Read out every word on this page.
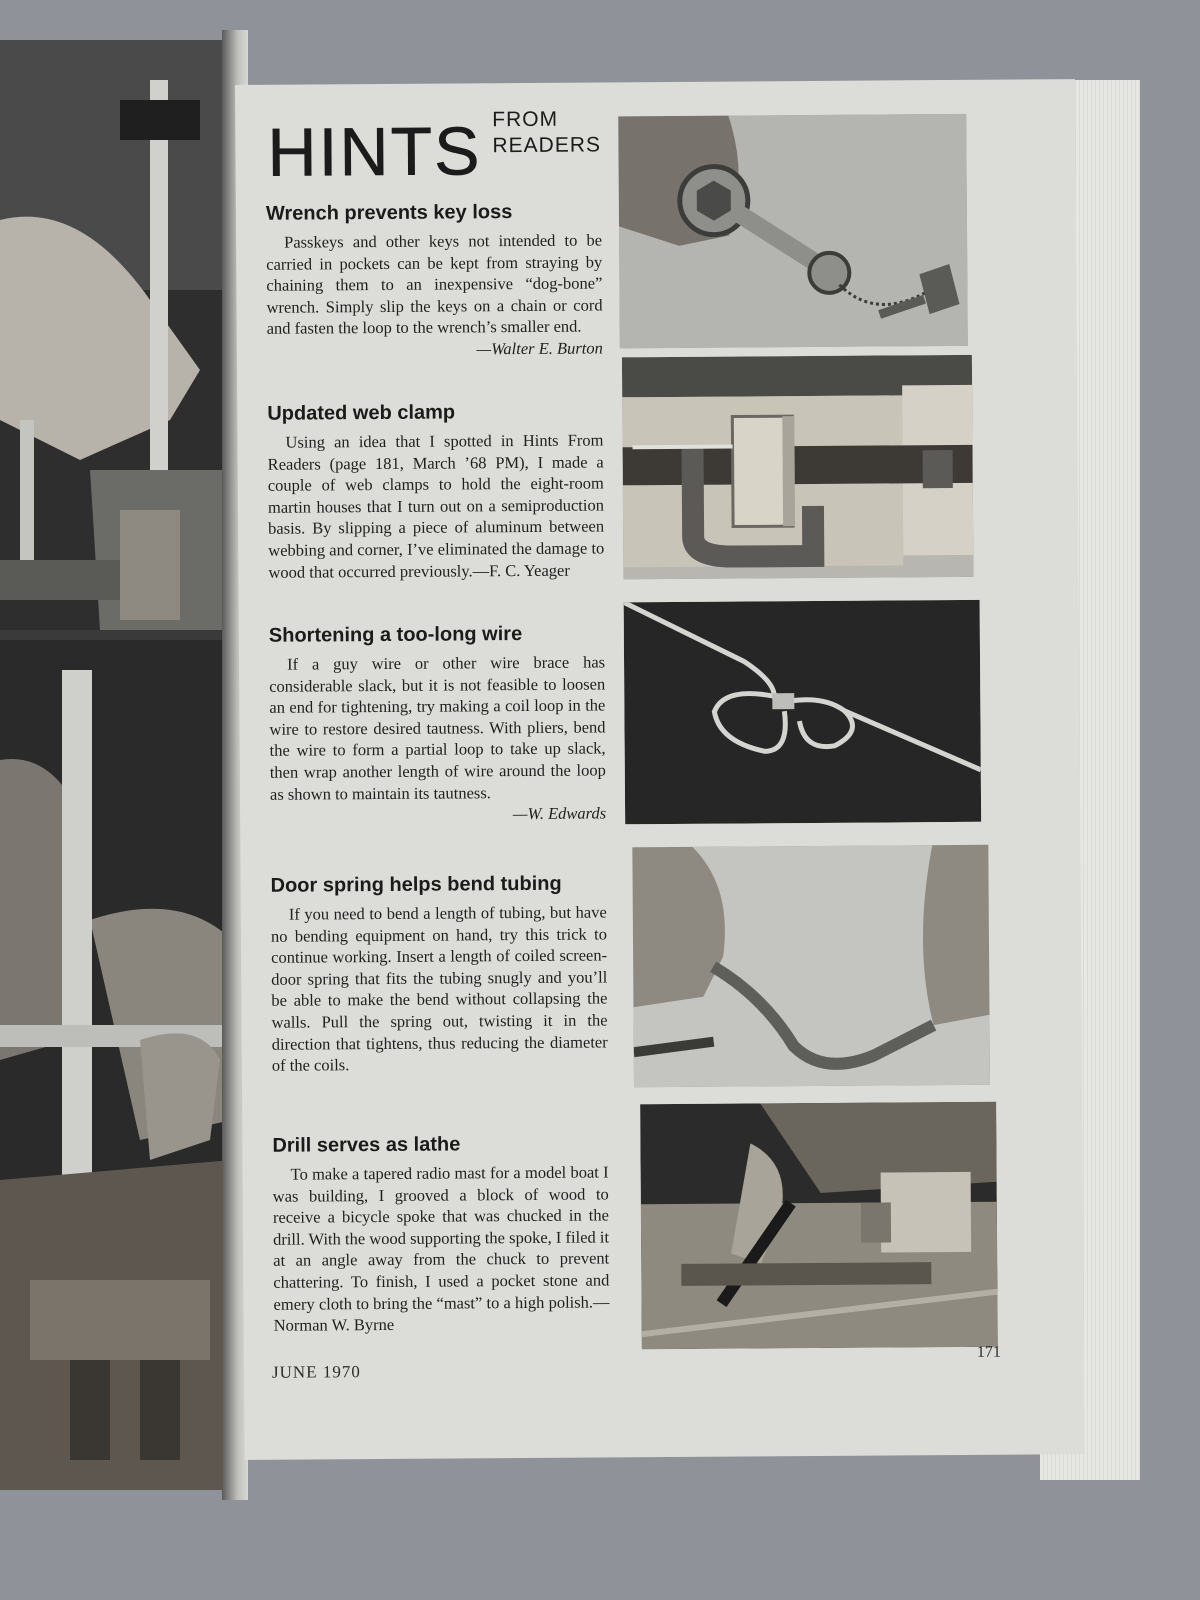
HINTS FROM
READERS
Wrench prevents key loss

Passkeys and other keys not intended to be carried in pockets can be kept from straying by chaining them to an inexpensive “dog-bone” wrench. Simply slip the keys on a chain or cord and fasten the loop to the wrench’s smaller end.

—Walter E. Burton
Updated web clamp

Using an idea that I spotted in Hints From Readers (page 181, March ’68 PM), I made a couple of web clamps to hold the eight-room martin houses that I turn out on a semiproduction basis. By slipping a piece of aluminum between webbing and corner, I’ve eliminated the damage to wood that occurred previously.—F. C. Yeager

Shortening a too-long wire

If a guy wire or other wire brace has considerable slack, but it is not feasible to loosen an end for tightening, try making a coil loop in the wire to restore desired tautness. With pliers, bend the wire to form a partial loop to take up slack, then wrap another length of wire around the loop as shown to maintain its tautness.

—W. Edwards
Door spring helps bend tubing

If you need to bend a length of tubing, but have no bending equipment on hand, try this trick to continue working. Insert a length of coiled screen-door spring that fits the tubing snugly and you’ll be able to make the bend without collapsing the walls. Pull the spring out, twisting it in the direction that tightens, thus reducing the diameter of the coils.

Drill serves as lathe

To make a tapered radio mast for a model boat I was building, I grooved a block of wood to receive a bicycle spoke that was chucked in the drill. With the wood supporting the spoke, I filed it at an angle away from the chuck to prevent chattering. To finish, I used a pocket stone and emery cloth to bring the “mast” to a high polish.—Norman W. Byrne

JUNE 1970
171
